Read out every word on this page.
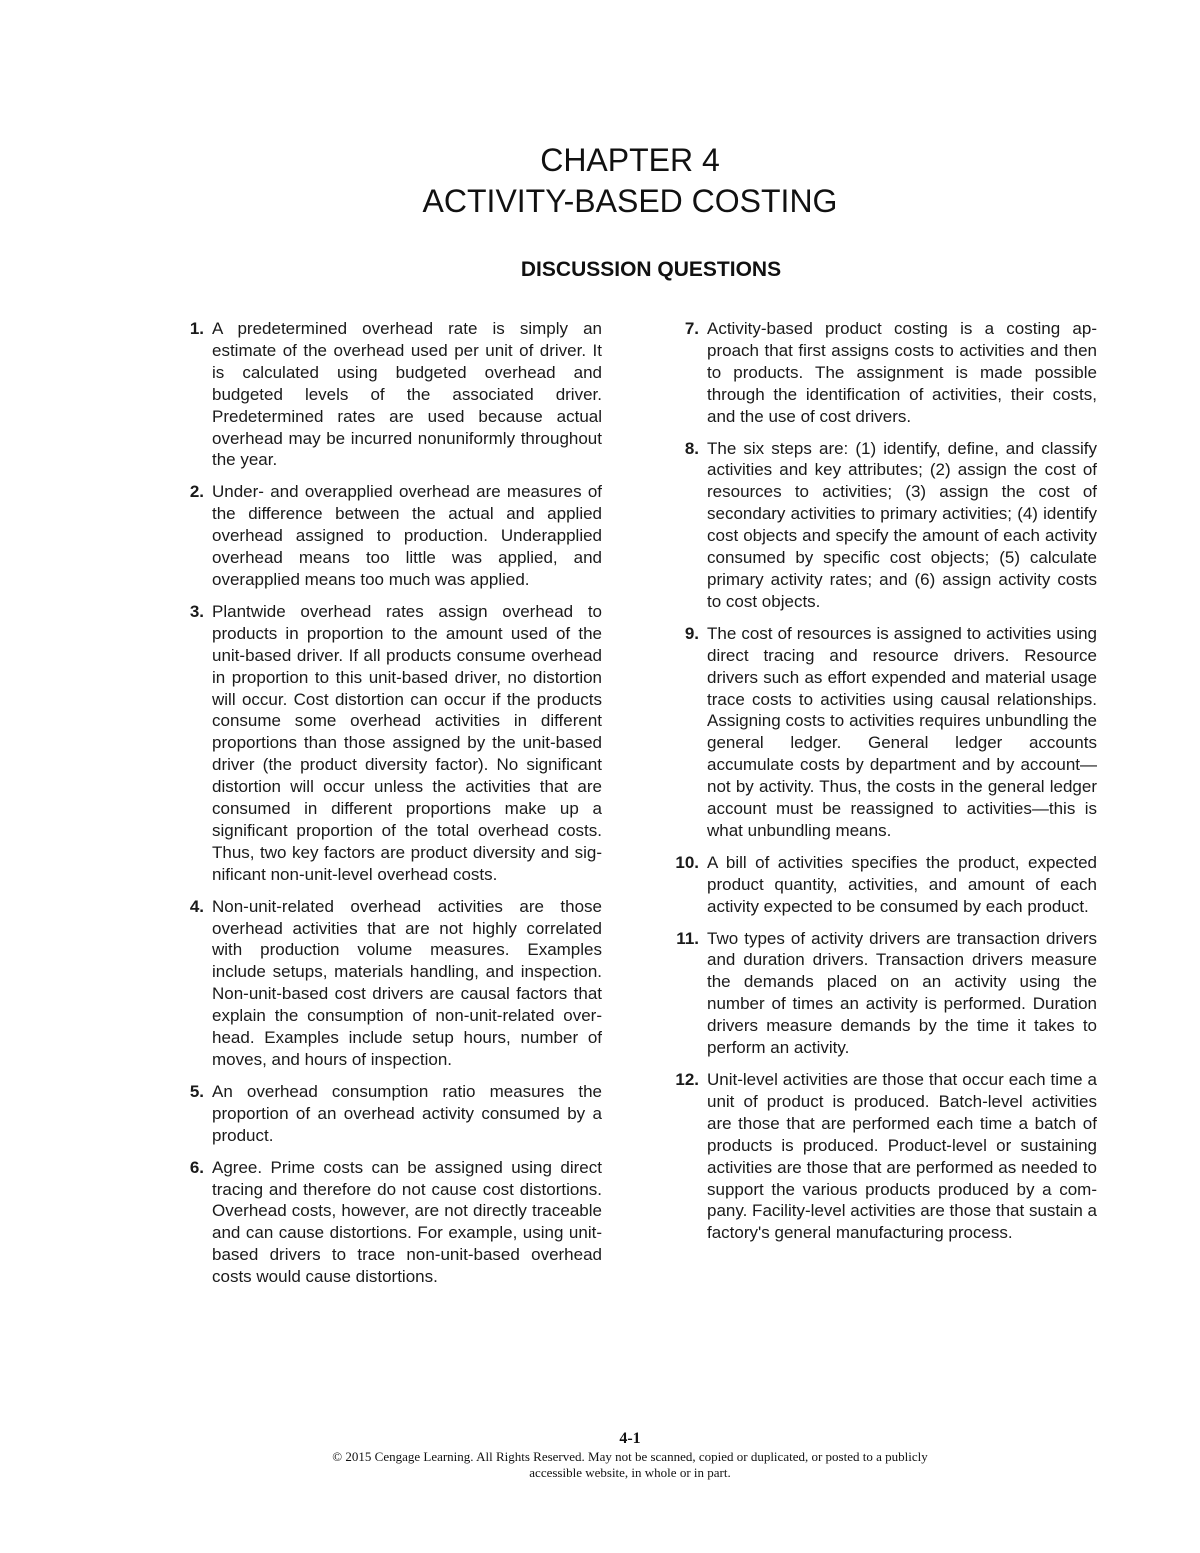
CHAPTER 4
ACTIVITY-BASED COSTING
DISCUSSION QUESTIONS
1. A predetermined overhead rate is simply an estimate of the overhead used per unit of driver. It is calculated using budgeted overhead and budgeted levels of the associated driver. Predetermined rates are used because actual overhead may be incurred nonuniformly throughout the year.
2. Under- and overapplied overhead are measures of the difference between the actual and applied overhead assigned to production. Underapplied overhead means too little was applied, and overapplied means too much was applied.
3. Plantwide overhead rates assign overhead to products in proportion to the amount used of the unit-based driver. If all products consume overhead in proportion to this unit-based driver, no distortion will occur. Cost distortion can occur if the products consume some overhead activities in different proportions than those assigned by the unit-based driver (the product diversity factor). No significant distortion will occur unless the activities that are consumed in different proportions make up a significant proportion of the total overhead costs. Thus, two key factors are product diversity and significant non-unit-level overhead costs.
4. Non-unit-related overhead activities are those overhead activities that are not highly correlated with production volume measures. Examples include setups, materials handling, and inspection. Non-unit-based cost drivers are causal factors that explain the consumption of non-unit-related overhead. Examples include setup hours, number of moves, and hours of inspection.
5. An overhead consumption ratio measures the proportion of an overhead activity consumed by a product.
6. Agree. Prime costs can be assigned using direct tracing and therefore do not cause cost distortions. Overhead costs, however, are not directly traceable and can cause distortions. For example, using unit-based drivers to trace non-unit-based overhead costs would cause distortions.
7. Activity-based product costing is a costing approach that first assigns costs to activities and then to products. The assignment is made possible through the identification of activities, their costs, and the use of cost drivers.
8. The six steps are: (1) identify, define, and classify activities and key attributes; (2) assign the cost of resources to activities; (3) assign the cost of secondary activities to primary activities; (4) identify cost objects and specify the amount of each activity consumed by specific cost objects; (5) calculate primary activity rates; and (6) assign activity costs to cost objects.
9. The cost of resources is assigned to activities using direct tracing and resource drivers. Resource drivers such as effort expended and material usage trace costs to activities using causal relationships. Assigning costs to activities requires unbundling the general ledger. General ledger accounts accumulate costs by department and by account—not by activity. Thus, the costs in the general ledger account must be reassigned to activities—this is what unbundling means.
10. A bill of activities specifies the product, expected product quantity, activities, and amount of each activity expected to be consumed by each product.
11. Two types of activity drivers are transaction drivers and duration drivers. Transaction drivers measure the demands placed on an activity using the number of times an activity is performed. Duration drivers measure demands by the time it takes to perform an activity.
12. Unit-level activities are those that occur each time a unit of product is produced. Batch-level activities are those that are performed each time a batch of products is produced. Product-level or sustaining activities are those that are performed as needed to support the various products produced by a company. Facility-level activities are those that sustain a factory's general manufacturing process.
4-1
© 2015 Cengage Learning. All Rights Reserved. May not be scanned, copied or duplicated, or posted to a publicly
accessible website, in whole or in part.
